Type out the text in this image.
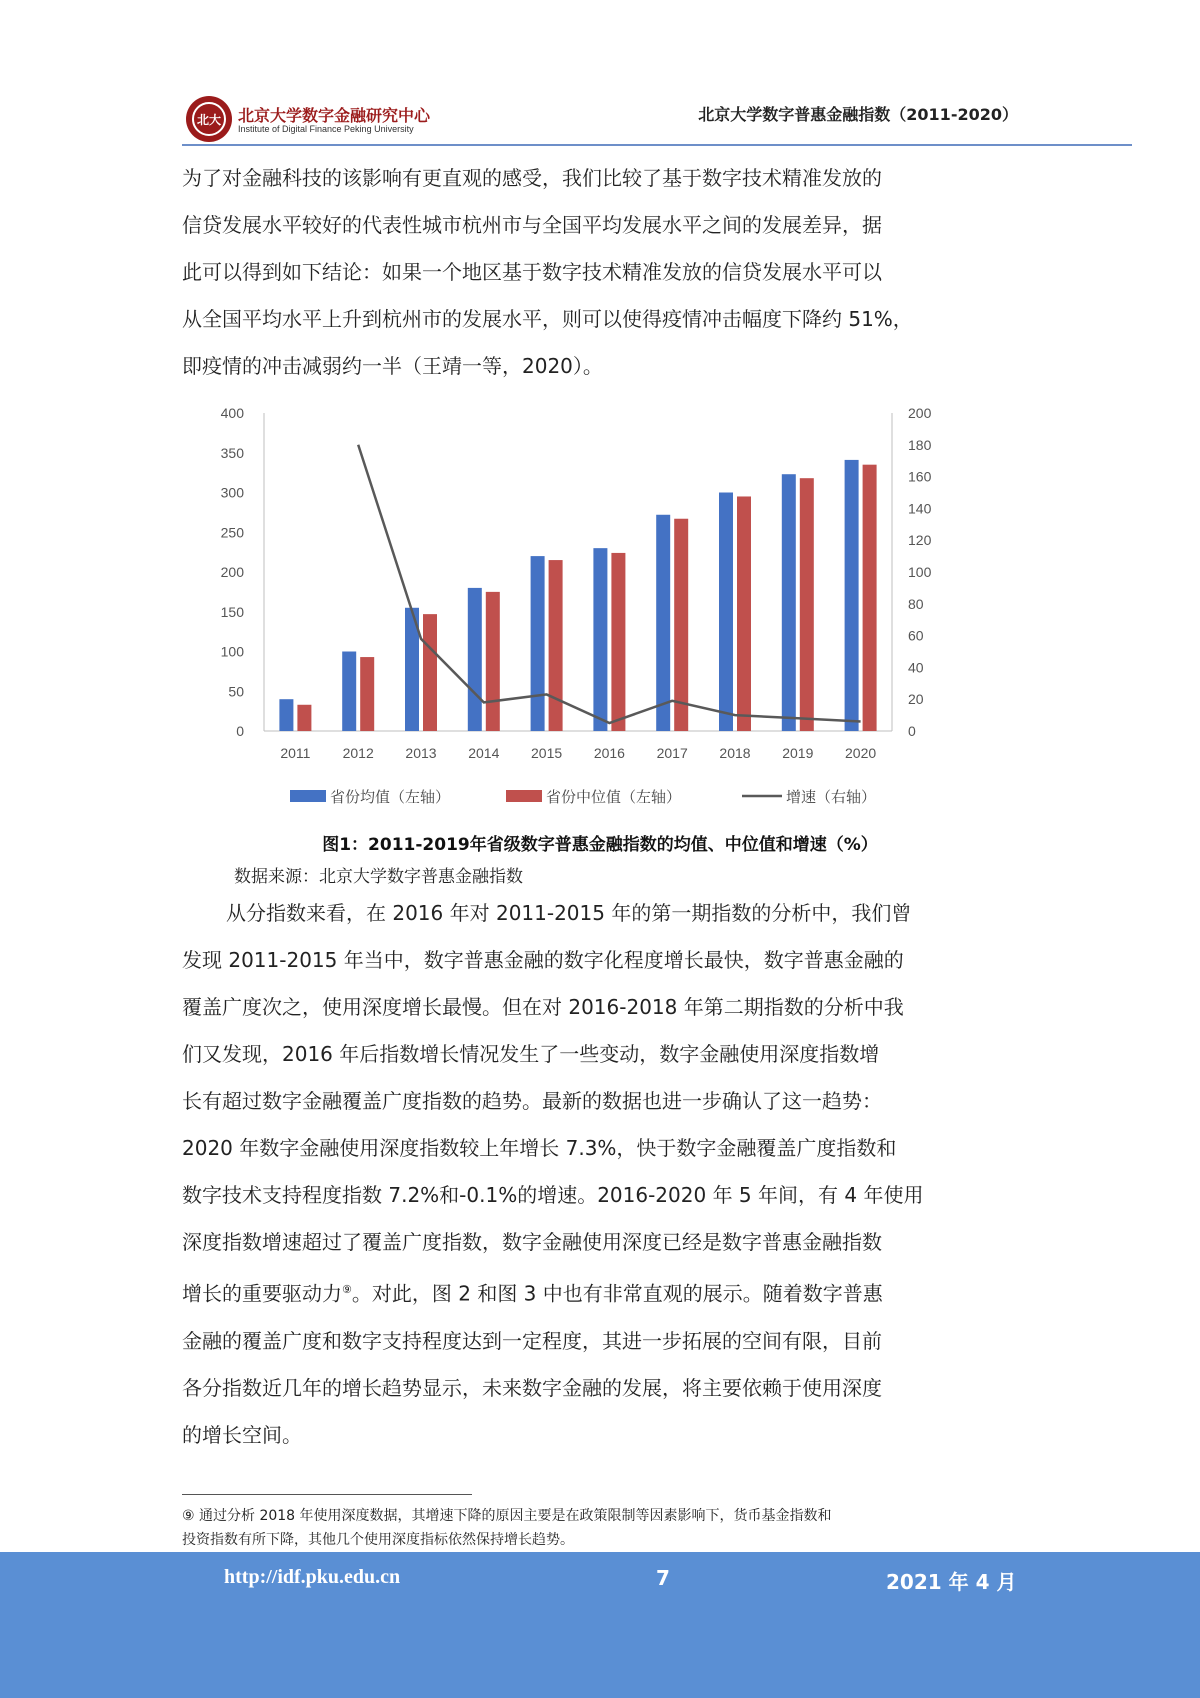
北大	北京大学数字金融研究中心
Institute of Digital Finance Peking University
北京大学数字普惠金融指数（2011-2020）
为了对金融科技的该影响有更直观的感受，我们比较了基于数字技术精准发放的
信贷发展水平较好的代表性城市杭州市与全国平均发展水平之间的发展差异，据
此可以得到如下结论：如果一个地区基于数字技术精准发放的信贷发展水平可以
从全国平均水平上升到杭州市的发展水平，则可以使得疫情冲击幅度下降约 51%，
即疫情的冲击减弱约一半（王靖一等，2020）。
0
50
100
150
200
250
300
350
400
0
20
40
60
80
100
120
140
160
180
200
2011 2012 2013 2014 2015 2016 2017 2018 2019 2020
省份均值（左轴）	省份中位值（左轴）	增速（右轴）
图1：2011-2019年省级数字普惠金融指数的均值、中位值和增速（%）
数据来源：北京大学数字普惠金融指数
从分指数来看，在 2016 年对 2011-2015 年的第一期指数的分析中，我们曾
发现 2011-2015 年当中，数字普惠金融的数字化程度增长最快，数字普惠金融的
覆盖广度次之，使用深度增长最慢。但在对 2016-2018 年第二期指数的分析中我
们又发现，2016 年后指数增长情况发生了一些变动，数字金融使用深度指数增
长有超过数字金融覆盖广度指数的趋势。最新的数据也进一步确认了这一趋势：
2020 年数字金融使用深度指数较上年增长 7.3%，快于数字金融覆盖广度指数和
数字技术支持程度指数 7.2%和-0.1%的增速。2016-2020 年 5 年间，有 4 年使用
深度指数增速超过了覆盖广度指数，数字金融使用深度已经是数字普惠金融指数
增长的重要驱动力⑨。对此，图 2 和图 3 中也有非常直观的展示。随着数字普惠
金融的覆盖广度和数字支持程度达到一定程度，其进一步拓展的空间有限，目前
各分指数近几年的增长趋势显示，未来数字金融的发展，将主要依赖于使用深度
的增长空间。
⑨ 通过分析 2018 年使用深度数据，其增速下降的原因主要是在政策限制等因素影响下，货币基金指数和
投资指数有所下降，其他几个使用深度指标依然保持增长趋势。
http://idf.pku.edu.cn	7	2021 年 4 月
